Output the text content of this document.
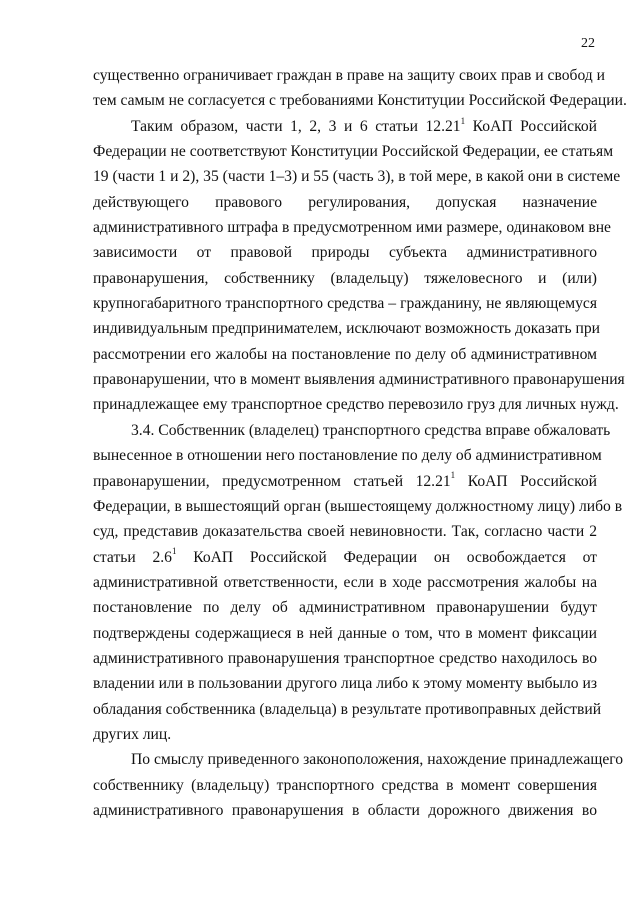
22
существенно ограничивает граждан в праве на защиту своих прав и свобод и
тем самым не согласуется с требованиями Конституции Российской Федерации.
Таким образом, части 1, 2, 3 и 6 статьи 12.21$^1$ КоАП Российской
Федерации не соответствуют Конституции Российской Федерации, ее статьям
19 (части 1 и 2), 35 (части 1–3) и 55 (часть 3), в той мере, в какой они в системе
действующего правового регулирования, допуская назначение
административного штрафа в предусмотренном ими размере, одинаковом вне
зависимости от правовой природы субъекта административного
правонарушения, собственнику (владельцу) тяжеловесного и (или)
крупногабаритного транспортного средства – гражданину, не являющемуся
индивидуальным предпринимателем, исключают возможность доказать при
рассмотрении его жалобы на постановление по делу об административном
правонарушении, что в момент выявления административного правонарушения
принадлежащее ему транспортное средство перевозило груз для личных нужд.
3.4. Собственник (владелец) транспортного средства вправе обжаловать
вынесенное в отношении него постановление по делу об административном
правонарушении, предусмотренном статьей 12.21$^1$ КоАП Российской
Федерации, в вышестоящий орган (вышестоящему должностному лицу) либо в
суд, представив доказательства своей невиновности. Так, согласно части 2
статьи $2.6^1$ КоАП Российской Федерации он освобождается от
административной ответственности, если в ходе рассмотрения жалобы на
постановление по делу об административном правонарушении будут
подтверждены содержащиеся в ней данные о том, что в момент фиксации
административного правонарушения транспортное средство находилось во
владении или в пользовании другого лица либо к этому моменту выбыло из
обладания собственника (владельца) в результате противоправных действий
других лиц.
По смыслу приведенного законоположения, нахождение принадлежащего
собственнику (владельцу) транспортного средства в момент совершения
административного правонарушения в области дорожного движения во
